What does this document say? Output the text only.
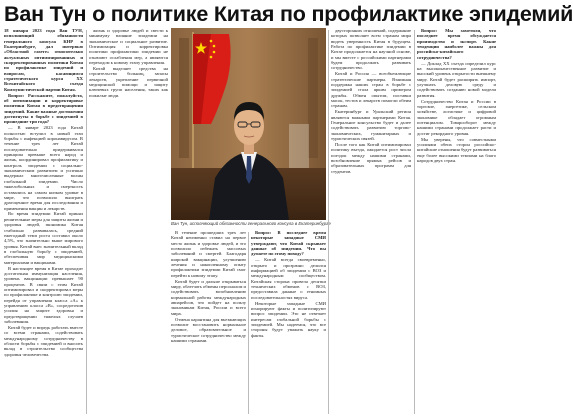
Ван Тун о политике Китая по профилактике эпидемий

18 января 2023 года Ван ТУН, исполняющий обязанности генерального консула КНР в Екатеринбурге, дал интервью «Областной газете» относительно актуальных оптимизированных и скорректированных политики Китая по профилактике эпидемий и вопросам, касающимся стратегического курса ХХ Всекитайского съезда Коммунистической партии Китая.

Вопрос: Расскажите, пожалуйста, об оптимизации и корректировке политики Китая в предотвращении эпидемий. Какие важные достижения достигнуты в борьбе с эпидемией в прошедшие три года?

— В январе 2023 года Китай полностью вступил в новый этап борьбы с инфекцией коронавирусом. В течение трех лет Китай последовательно придерживался принципа превыше всего народ и жизнь, координировал профилактику и контроль эпидемии с социально-экономическим развитием и успешно выдержал многочисленные волны глобальной эпидемии. Число тяжелобольных и смертность оставались на самом низком уровне в мире, что позволило выиграть драгоценное время для исследования и применения вакцин и лекарств.

Во время эпидемии Китай принял решительные меры для защиты жизни и здоровья людей, экономика Китая стабильно развивалась, средний ежегодный темп роста составил около 4,5%, что значительно выше мирового уровня. Китай внес значительный вклад в глобальную борьбу с эпидемией, обеспечивая мир медицинскими материалами и вакцинами.

В настоящее время в Китае проходит достаточная иммунизация населения, уровень вакцинации превышает 90 процентов. В связи с этим Китай оптимизировал и скорректировал меры по профилактике и контролю эпидемии, перейдя от управления класса «А» к управлению класса «В», сосредоточив усилия на защите здоровья и предотвращении тяжелых случаев заболевания.

Китай будет и впредь работать вместе со всеми странами, содействовать международному сотрудничеству в области борьбы с эпидемией и вносить вклад в строительство сообщества здоровья человечества.

жизнь и здоровье людей и свести к минимуму влияние эпидемии на экономическое и социальное развитие. Оптимизация и корректировка политики профилактики эпидемии не означают ослабления мер, а являются переходом к новому этапу управления.

Китай выделяет средства на строительство больниц, запасы лекарств, укрепление первичной медицинской помощи и защиту ключевых групп населения, таких как пожилые люди.

Ван Тун, исполняющий обязанности генерального консула в Екатеринбурге

В течение прошедших трех лет Китай неизменно ставил на первое место жизнь и здоровье людей, и это позволило избежать массовых заболеваний и смертей. Благодаря широкой вакцинации, улучшению лечения и накопленному опыту профилактики эпидемии Китай смог перейти к новому этапу.

Китай будет и дальше открываться миру, облегчать обмены персоналом и содействовать возобновлению нормальной работы международных авиарейсов, что пойдет на пользу экономикам Китая, России и всего мира.

Отмена карантина для въезжающих позволит восстановить нормальное деловое, образовательное и туристическое сотрудничество между нашими странами.

Вопрос: В последнее время некоторые западные СМИ утверждают, что Китай скрывает данные об эпидемии. Что вы думаете по этому поводу?

— Китай всегда своевременно, открыто и прозрачно делился информацией об эпидемии с ВОЗ и международным сообществом. Китайская сторона провела десятки технических обменов с ВОЗ, предоставила данные о геномных последовательностях вируса.

Некоторые западные СМИ игнорируют факты и политизируют вопрос эпидемии. Это не отвечает интересам глобальной борьбы с эпидемией. Мы надеемся, что все стороны будут уважать науку и факты.

двусторонних отношений, содержание которых позволяет всем странам мира видеть уверенность Китая в будущем. Работа по профилактике эпидемии в Китае продолжается на научной основе, и мы вместе с российскими партнерами будем продолжать развивать сотрудничество.

Китай и Россия — всеобъемлющие стратегические партнеры. Взаимная поддержка наших стран в борьбе с эпидемией стала ярким примером дружбы. Обмен опытом, поставки масок, тестов и лекарств помогли обеим странам.

Екатеринбург и Уральский регион являются важными партнерами Китая. Генеральное консульство будет и далее содействовать развитию торгово-экономических, гуманитарных и туристических связей.

После того как Китай оптимизировал политику въезда, ожидается рост числа поездок между нашими странами, возобновление прямых рейсов и образовательных программ для студентов.

Вопрос: Мы заметили, что последнее время обсуждается производство и экспорт. Какие тенденции наиболее важны для российско-китайского сотрудничества?

— Доклад ХХ съезда определил курс на высококачественное развитие и высокий уровень открытости внешнему миру. Китай будет расширять импорт, улучшать деловую среду и содействовать созданию новой модели развития.

Сотрудничество Китая и России в торговле, энергетике, сельском хозяйстве, логистике и цифровой экономике обладает огромным потенциалом. Товарооборот между нашими странами продолжает расти и достиг рекордного уровня.

Мы уверены, что совместными усилиями обеих сторон российско-китайские отношения будут развиваться еще более высокими темпами на благо народов двух стран.
